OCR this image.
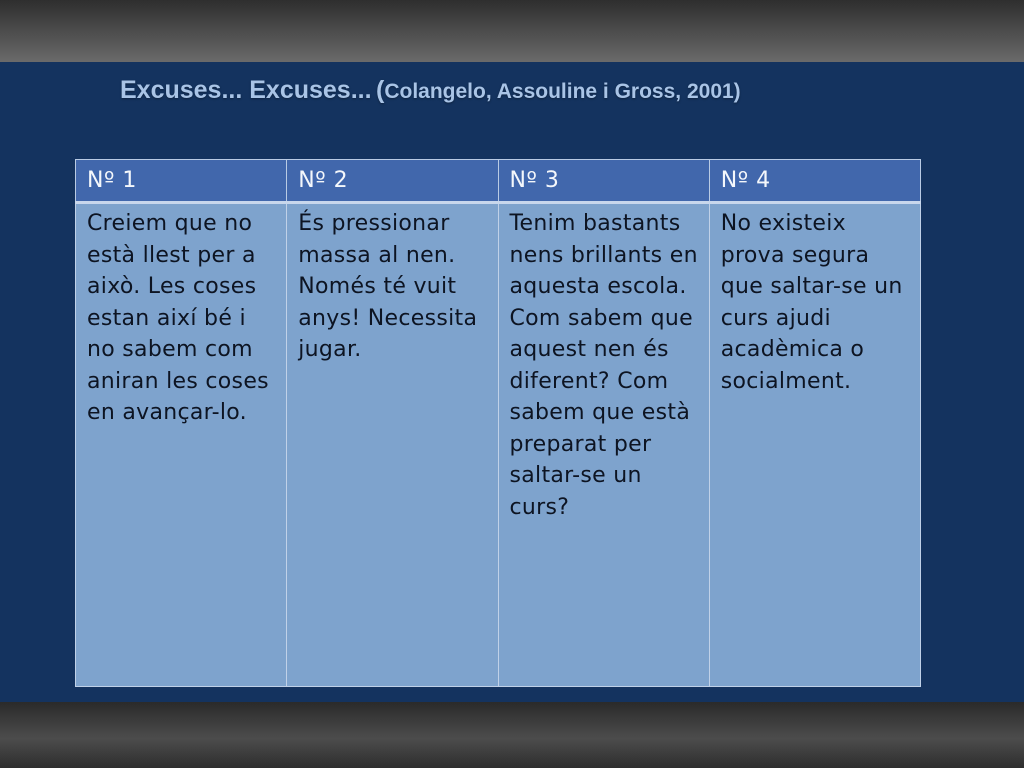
Excuses... Excuses... (Colangelo, Assouline i Gross, 2001)
Nº 1	Nº 2	Nº 3	Nº 4
Creiem que no està llest per a això. Les coses estan així bé i no sabem com aniran les coses en avançar-lo.	És pressionar massa al nen. Només té vuit anys! Necessita jugar.	Tenim bastants nens brillants en aquesta escola. Com sabem que aquest nen és diferent? Com sabem que està preparat per saltar-se un curs?	No existeix prova segura que saltar-se un curs ajudi acadèmica o socialment.
